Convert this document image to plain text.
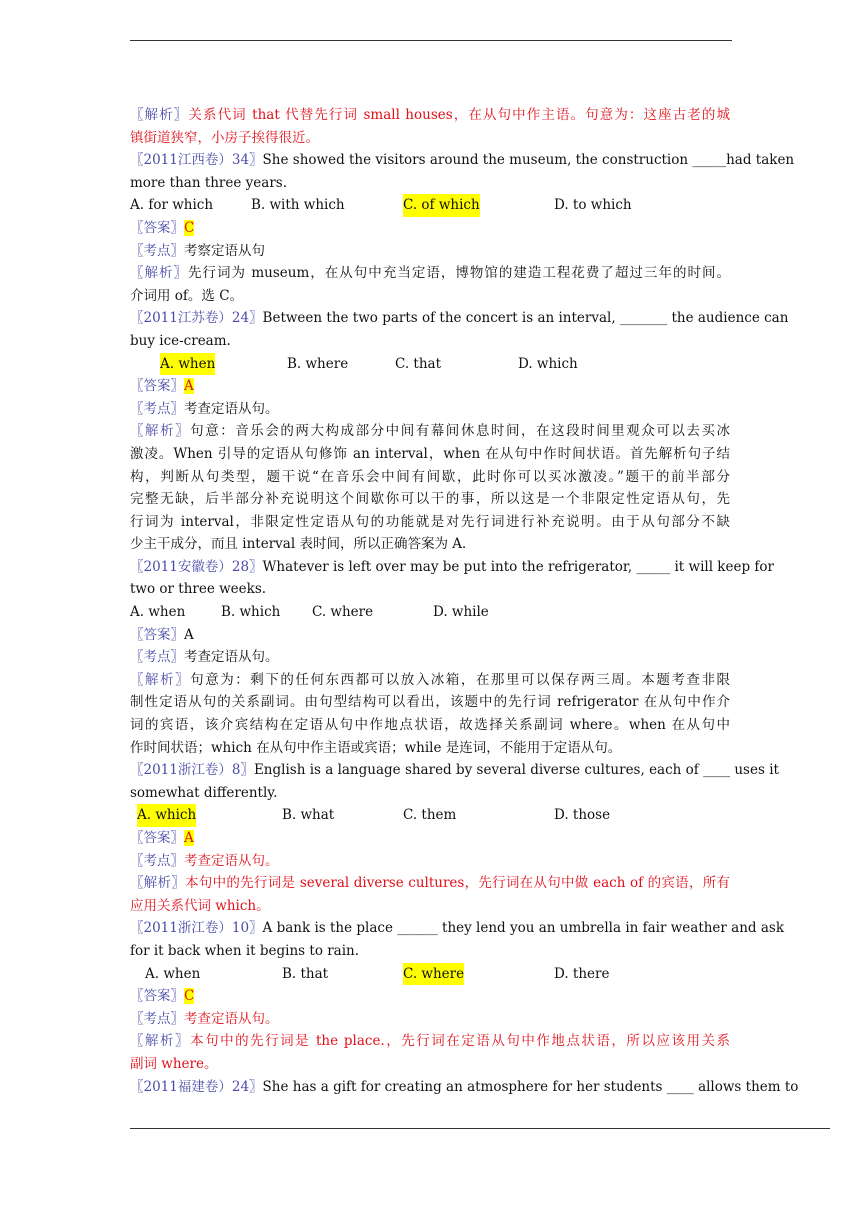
〖解析〗关系代词 that 代替先行词 small houses，在从句中作主语。句意为：这座古老的城
镇街道狭窄，小房子挨得很近。
〖2011江西卷）34〗She showed the visitors around the museum, the construction _____had taken
more than three years.
A. for which	B. with which	C. of which	D. to which
〖答案〗C
〖考点〗考察定语从句
〖解析〗先行词为 museum，在从句中充当定语，博物馆的建造工程花费了超过三年的时间。
介词用 of。选 C。
〖2011江苏卷）24〗Between the two parts of the concert is an interval, _______ the audience can
buy ice-cream.
A. when	B. where	C. that	D. which
〖答案〗A
〖考点〗考查定语从句。
〖解析〗句意：音乐会的两大构成部分中间有幕间休息时间，在这段时间里观众可以去买冰
激凌。When 引导的定语从句修饰 an interval，when 在从句中作时间状语。首先解析句子结
构，判断从句类型，题干说“在音乐会中间有间歇，此时你可以买冰激凌。”题干的前半部分
完整无缺，后半部分补充说明这个间歇你可以干的事，所以这是一个非限定性定语从句，先
行词为 interval，非限定性定语从句的功能就是对先行词进行补充说明。由于从句部分不缺
少主干成分，而且 interval 表时间，所以正确答案为 A．
〖2011安徽卷）28〗Whatever is left over may be put into the refrigerator, _____ it will keep for
two or three weeks.
A. when	B. which C. where	D. while
〖答案〗A
〖考点〗考查定语从句。
〖解析〗句意为：剩下的任何东西都可以放入冰箱，在那里可以保存两三周。本题考查非限
制性定语从句的关系副词。由句型结构可以看出，该题中的先行词 refrigerator 在从句中作介
词的宾语，该介宾结构在定语从句中作地点状语，故选择关系副词 where。when 在从句中
作时间状语；which 在从句中作主语或宾语；while 是连词，不能用于定语从句。
〖2011浙江卷）8〗English is a language shared by several diverse cultures, each of ____ uses it
somewhat differently.
A. which	B. what	C. them	D. those
〖答案〗A
〖考点〗考查定语从句。
〖解析〗本句中的先行词是 several diverse cultures，先行词在从句中做 each of 的宾语，所有
应用关系代词 which。
〖2011浙江卷）10〗A bank is the place ______ they lend you an umbrella in fair weather and ask
for it back when it begins to rain.
A. when	B. that	C. where	D. there
〖答案〗C
〖考点〗考查定语从句。
〖解析〗本句中的先行词是 the place.，先行词在定语从句中作地点状语，所以应该用关系
副词 where。
〖2011福建卷）24〗She has a gift for creating an atmosphere for her students ____ allows them to
